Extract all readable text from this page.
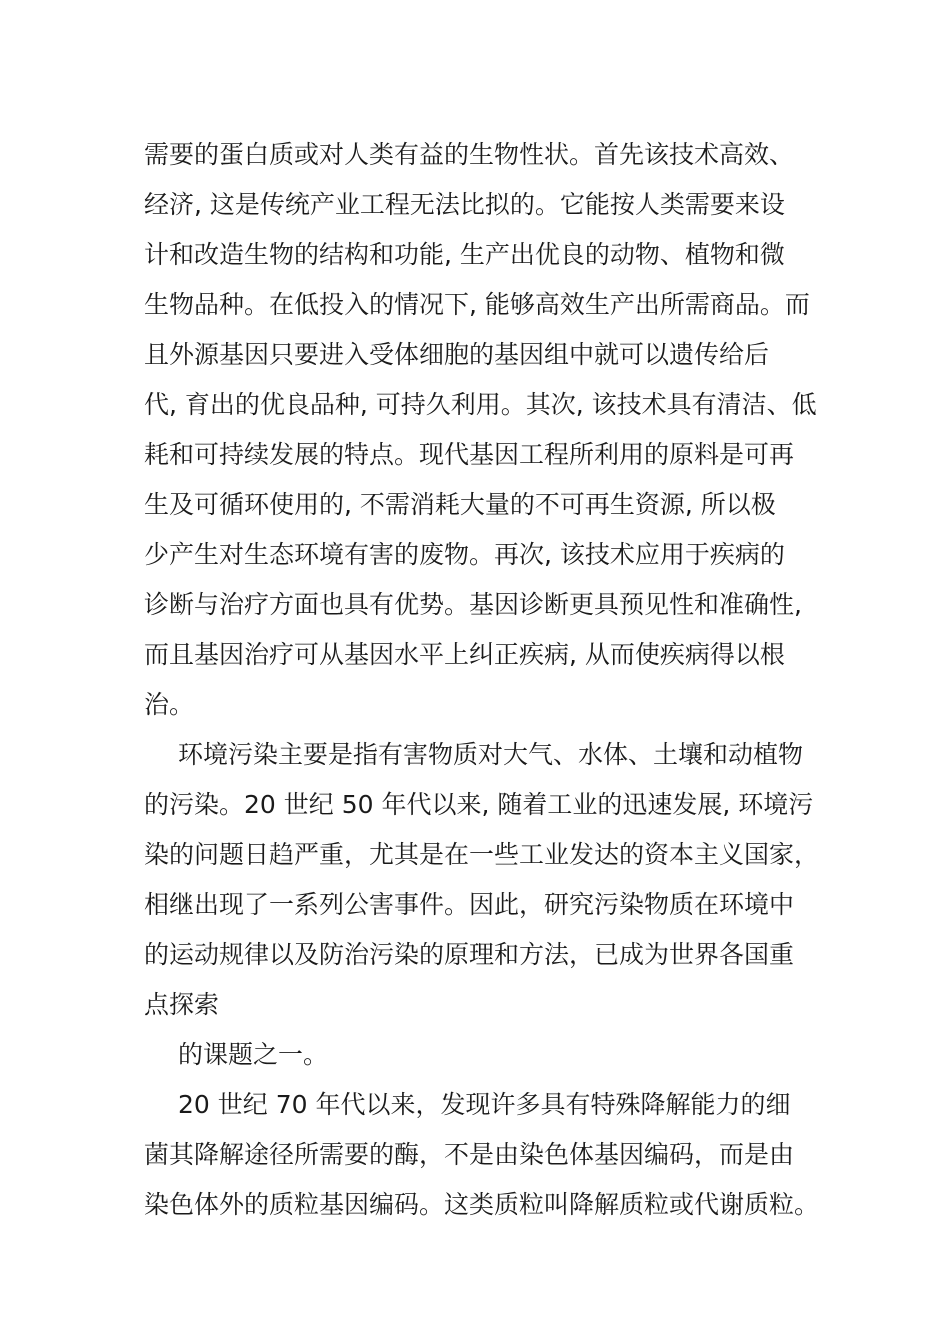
需要的蛋白质或对人类有益的生物性状。首先该技术高效、
经济, 这是传统产业工程无法比拟的。它能按人类需要来设
计和改造生物的结构和功能, 生产出优良的动物、植物和微
生物品种。在低投入的情况下, 能够高效生产出所需商品。而
且外源基因只要进入受体细胞的基因组中就可以遗传给后
代, 育出的优良品种, 可持久利用。其次, 该技术具有清洁、低
耗和可持续发展的特点。现代基因工程所利用的原料是可再
生及可循环使用的, 不需消耗大量的不可再生资源, 所以极
少产生对生态环境有害的废物。再次, 该技术应用于疾病的
诊断与治疗方面也具有优势。基因诊断更具预见性和准确性,
而且基因治疗可从基因水平上纠正疾病, 从而使疾病得以根
治。
环境污染主要是指有害物质对大气、水体、土壤和动植物
的污染。20 世纪 50 年代以来, 随着工业的迅速发展, 环境污
染的问题日趋严重，尤其是在一些工业发达的资本主义国家，
相继出现了一系列公害事件。因此，研究污染物质在环境中
的运动规律以及防治污染的原理和方法，已成为世界各国重
点探索
的课题之一。
20 世纪 70 年代以来，发现许多具有特殊降解能力的细
菌其降解途径所需要的酶，不是由染色体基因编码，而是由
染色体外的质粒基因编码。这类质粒叫降解质粒或代谢质粒。
